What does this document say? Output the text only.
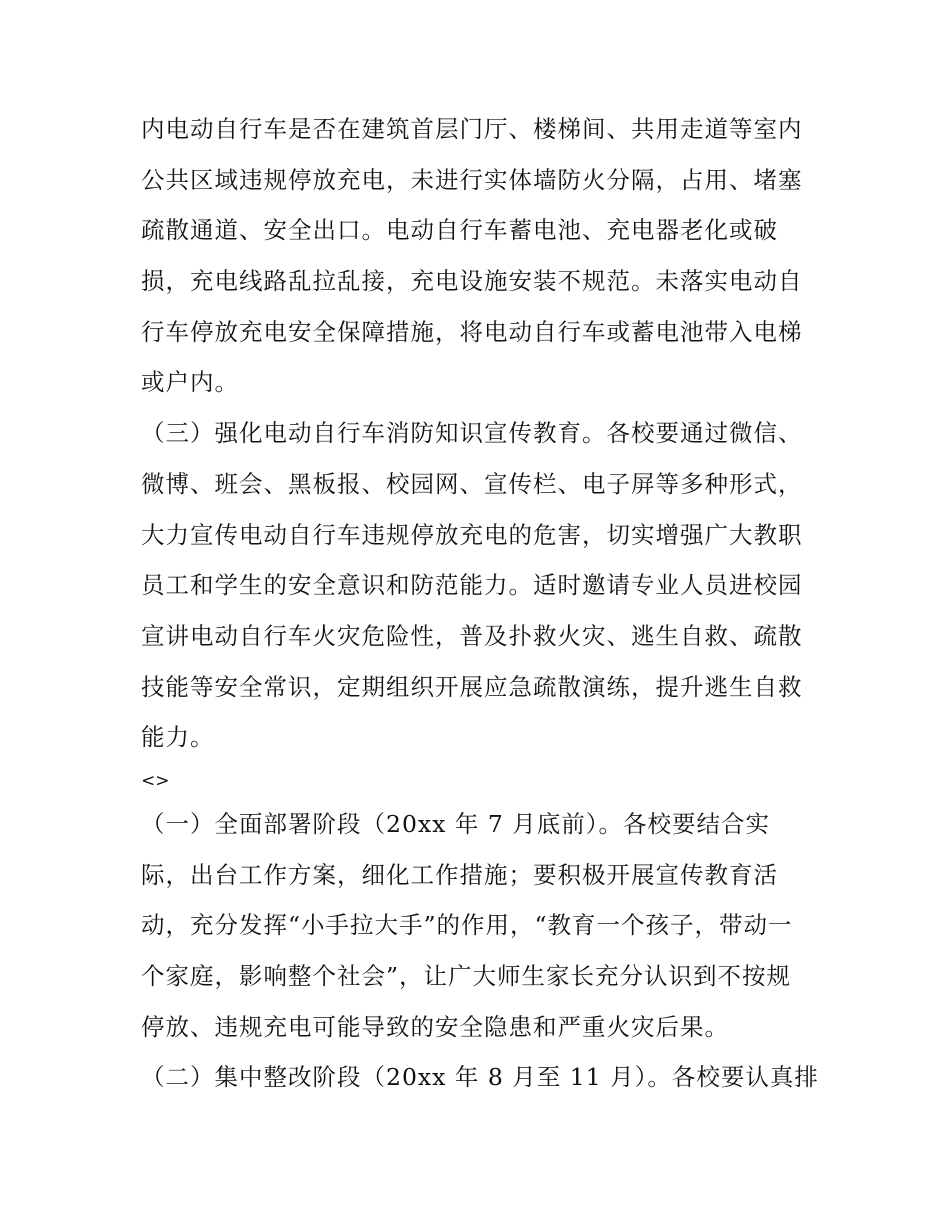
内电动自行车是否在建筑首层门厅、楼梯间、共用走道等室内
公共区域违规停放充电，未进行实体墙防火分隔，占用、堵塞
疏散通道、安全出口。电动自行车蓄电池、充电器老化或破
损，充电线路乱拉乱接，充电设施安装不规范。未落实电动自
行车停放充电安全保障措施，将电动自行车或蓄电池带入电梯
或户内。
（三）强化电动自行车消防知识宣传教育。各校要通过微信、
微博、班会、黑板报、校园网、宣传栏、电子屏等多种形式，
大力宣传电动自行车违规停放充电的危害，切实增强广大教职
员工和学生的安全意识和防范能力。适时邀请专业人员进校园
宣讲电动自行车火灾危险性，普及扑救火灾、逃生自救、疏散
技能等安全常识，定期组织开展应急疏散演练，提升逃生自救
能力。
<>
（一）全面部署阶段（20xx 年 7 月底前）。各校要结合实
际，出台工作方案，细化工作措施；要积极开展宣传教育活
动，充分发挥“小手拉大手”的作用，“教育一个孩子，带动一
个家庭，影响整个社会”，让广大师生家长充分认识到不按规
停放、违规充电可能导致的安全隐患和严重火灾后果。
（二）集中整改阶段（20xx 年 8 月至 11 月）。各校要认真排
